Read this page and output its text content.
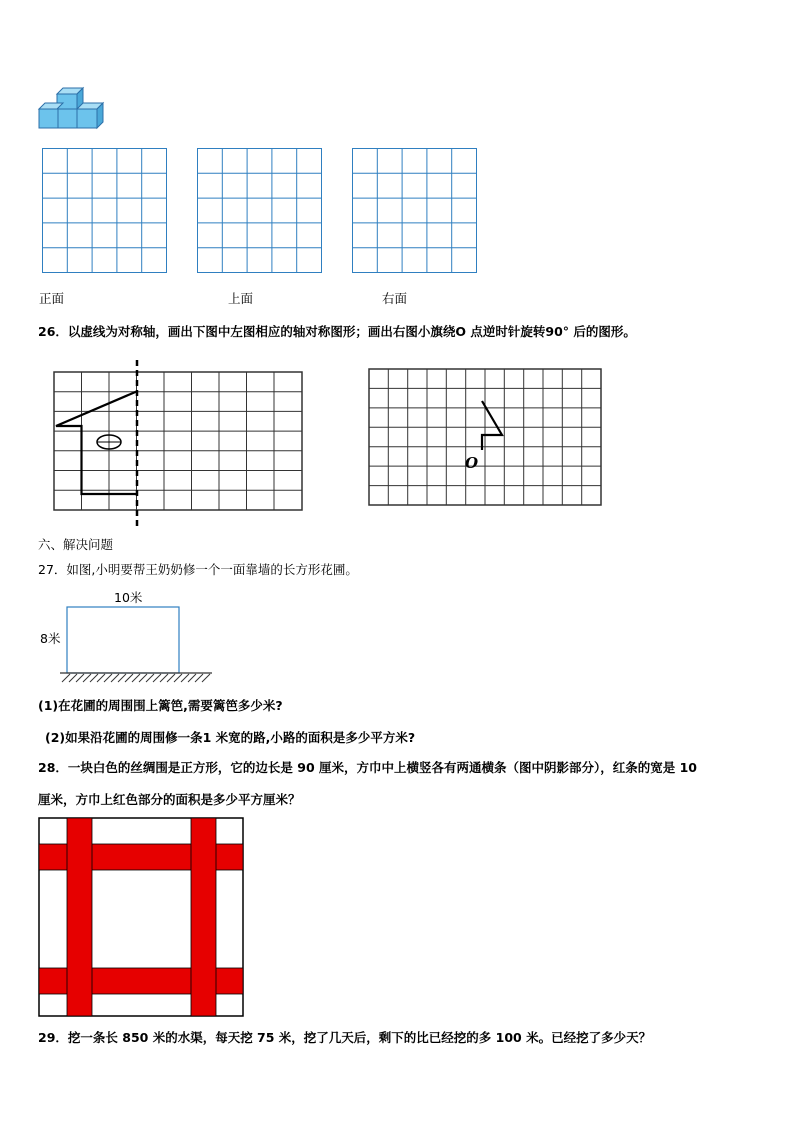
正面	上面	右面
26．以虚线为对称轴，画出下图中左图相应的轴对称图形；画出右图小旗绕O 点逆时针旋转90° 后的图形。
O
六、解决问题
27．如图,小明要帮王奶奶修一个一面靠墙的长方形花圃。
10米
8米
(1)在花圃的周围围上篱笆,需要篱笆多少米?
(2)如果沿花圃的周围修一条1 米宽的路,小路的面积是多少平方米?
28．一块白色的丝绸围是正方形，它的边长是 90 厘米，方巾中上横竖各有两通横条（图中阴影部分），红条的宽是 10
厘米，方巾上红色部分的面积是多少平方厘米？
29．挖一条长 850 米的水渠，每天挖 75 米，挖了几天后，剩下的比已经挖的多 100 米。已经挖了多少天？
